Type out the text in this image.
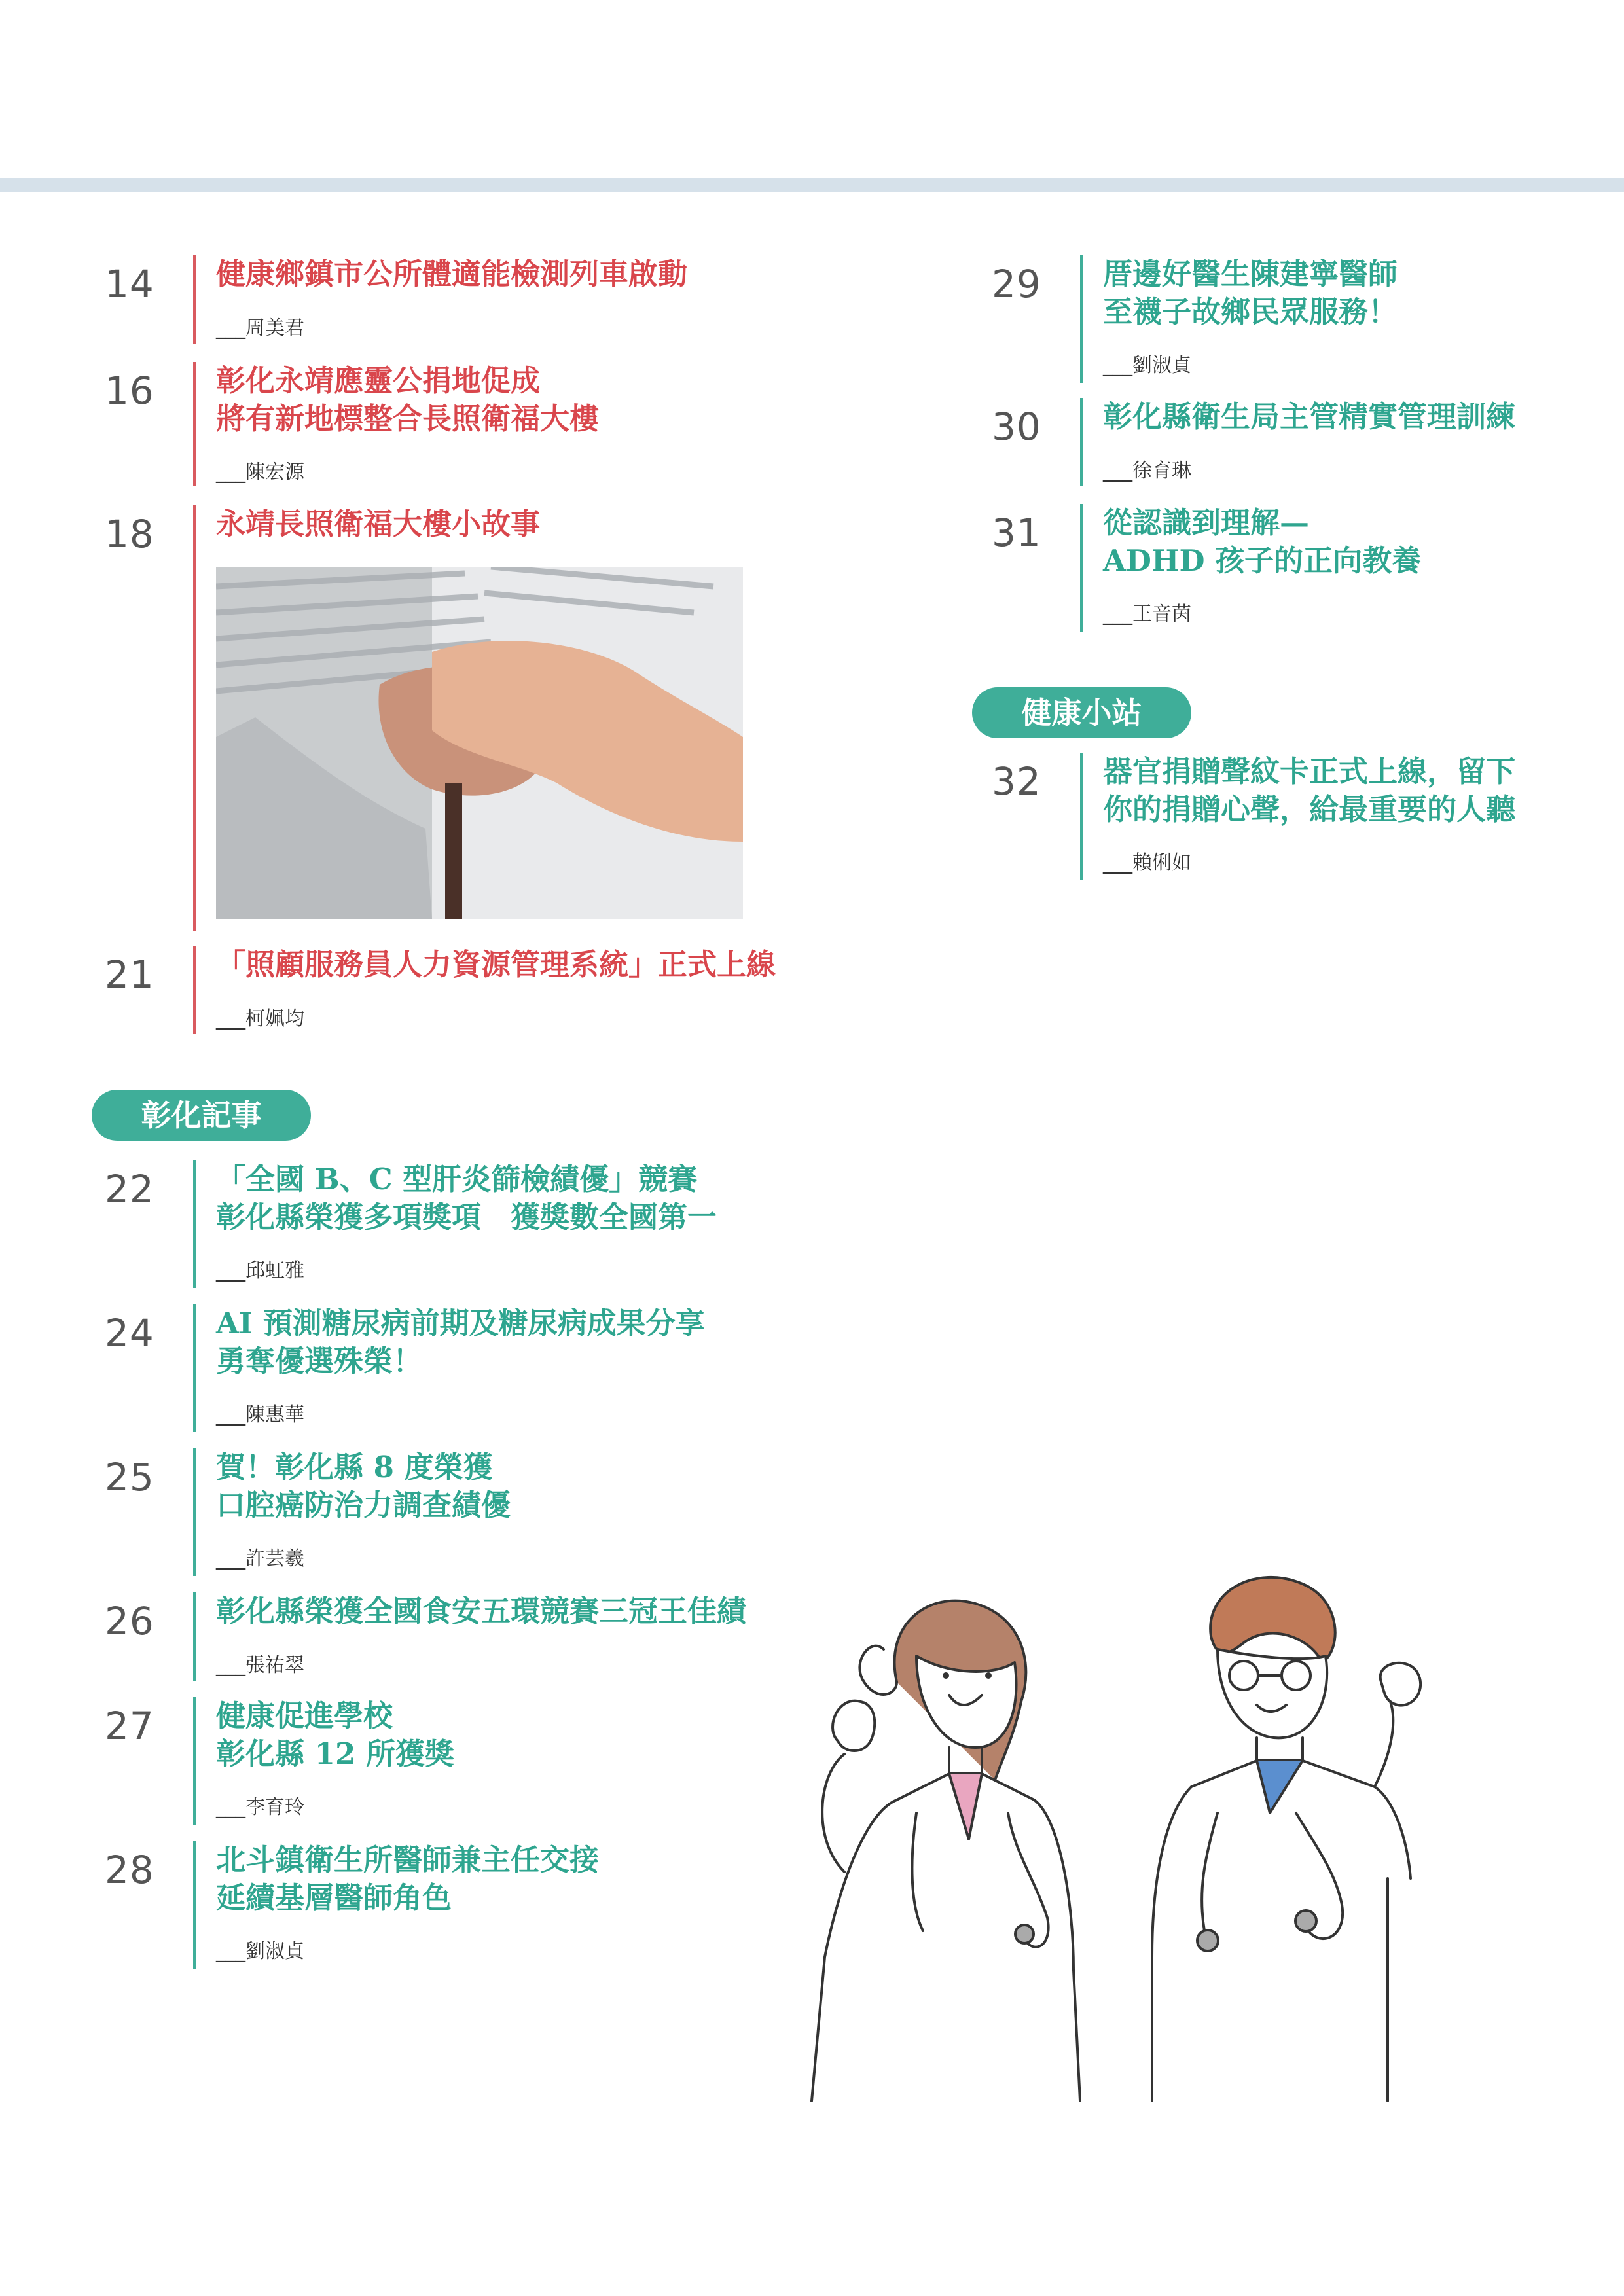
14	健康鄉鎮市公所體適能檢測列車啟動
___周美君
16	彰化永靖應靈公捐地促成
將有新地標整合長照衛福大樓
___陳宏源
18	永靖長照衛福大樓小故事
21	「照顧服務員人力資源管理系統」正式上線
___柯姵均
彰化記事
22	「全國 B、C 型肝炎篩檢績優」競賽
彰化縣榮獲多項獎項　獲獎數全國第一
___邱虹雅
24	AI 預測糖尿病前期及糖尿病成果分享
勇奪優選殊榮！
___陳惠華
25	賀！彰化縣 8 度榮獲
口腔癌防治力調查績優
___許芸羲
26	彰化縣榮獲全國食安五環競賽三冠王佳績
___張祐翠
27	健康促進學校
彰化縣 12 所獲獎
___李育玲
28	北斗鎮衛生所醫師兼主任交接
延續基層醫師角色
___劉淑貞
29	厝邊好醫生陳建寧醫師
至襪子故鄉民眾服務！
___劉淑貞
30	彰化縣衛生局主管精實管理訓練
___徐育琳
31	從認識到理解—
ADHD 孩子的正向教養
___王音茵
健康小站
32	器官捐贈聲紋卡正式上線，留下
你的捐贈心聲，給最重要的人聽
___賴俐如
